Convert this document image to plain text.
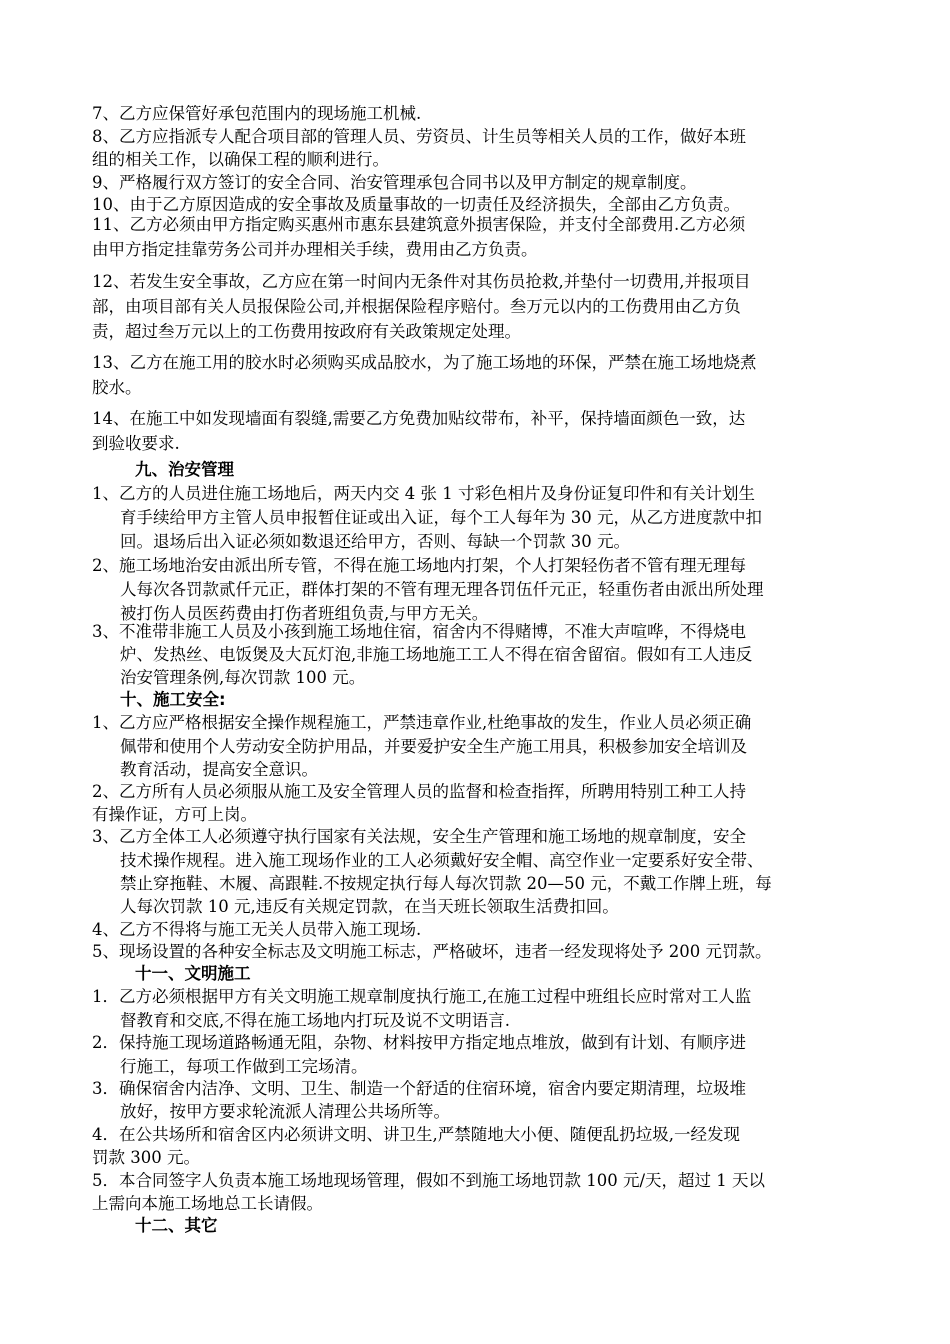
7、乙方应保管好承包范围内的现场施工机械.
8、乙方应指派专人配合项目部的管理人员、劳资员、计生员等相关人员的工作，做好本班
组的相关工作，以确保工程的顺利进行。
9、严格履行双方签订的安全合同、治安管理承包合同书以及甲方制定的规章制度。
10、由于乙方原因造成的安全事故及质量事故的一切责任及经济损失，全部由乙方负责。
11、乙方必须由甲方指定购买惠州市惠东县建筑意外损害保险，并支付全部费用.乙方必须
由甲方指定挂靠劳务公司并办理相关手续，费用由乙方负责。
12、若发生安全事故，乙方应在第一时间内无条件对其伤员抢救,并垫付一切费用,并报项目
部，由项目部有关人员报保险公司,并根据保险程序赔付。叁万元以内的工伤费用由乙方负
责，超过叁万元以上的工伤费用按政府有关政策规定处理。
13、乙方在施工用的胶水时必须购买成品胶水，为了施工场地的环保，严禁在施工场地烧煮
胶水。
14、在施工中如发现墙面有裂缝,需要乙方免费加贴纹带布，补平，保持墙面颜色一致，达
到验收要求.
九、治安管理
1、乙方的人员进住施工场地后，两天内交 4 张 1 寸彩色相片及身份证复印件和有关计划生
育手续给甲方主管人员申报暂住证或出入证，每个工人每年为 30 元，从乙方进度款中扣
回。退场后出入证必须如数退还给甲方，否则、每缺一个罚款 30 元。
2、施工场地治安由派出所专管，不得在施工场地内打架，个人打架轻伤者不管有理无理每
人每次各罚款贰仟元正，群体打架的不管有理无理各罚伍仟元正，轻重伤者由派出所处理
被打伤人员医药费由打伤者班组负责,与甲方无关。
3、不准带非施工人员及小孩到施工场地住宿，宿舍内不得赌博，不准大声喧哗，不得烧电
炉、发热丝、电饭煲及大瓦灯泡,非施工场地施工工人不得在宿舍留宿。假如有工人违反
治安管理条例,每次罚款 100 元。
十、施工安全:
1、乙方应严格根据安全操作规程施工，严禁违章作业,杜绝事故的发生，作业人员必须正确
佩带和使用个人劳动安全防护用品，并要爱护安全生产施工用具，积极参加安全培训及
教育活动，提高安全意识。
2、乙方所有人员必须服从施工及安全管理人员的监督和检查指挥，所聘用特别工种工人持
有操作证，方可上岗。
3、乙方全体工人必须遵守执行国家有关法规，安全生产管理和施工场地的规章制度，安全
技术操作规程。进入施工现场作业的工人必须戴好安全帽、高空作业一定要系好安全带、
禁止穿拖鞋、木履、高跟鞋.不按规定执行每人每次罚款 20—50 元，不戴工作牌上班，每
人每次罚款 10 元,违反有关规定罚款，在当天班长领取生活费扣回。
4、乙方不得将与施工无关人员带入施工现场.
5、现场设置的各种安全标志及文明施工标志，严格破坏，违者一经发现将处予 200 元罚款。
十一、文明施工
1．乙方必须根据甲方有关文明施工规章制度执行施工,在施工过程中班组长应时常对工人监
督教育和交底,不得在施工场地内打玩及说不文明语言.
2．保持施工现场道路畅通无阻，杂物、材料按甲方指定地点堆放，做到有计划、有顺序进
行施工，每项工作做到工完场清。
3．确保宿舍内洁净、文明、卫生、制造一个舒适的住宿环境，宿舍内要定期清理，垃圾堆
放好，按甲方要求轮流派人清理公共场所等。
4．在公共场所和宿舍区内必须讲文明、讲卫生,严禁随地大小便、随便乱扔垃圾,一经发现
罚款 300 元。
5．本合同签字人负责本施工场地现场管理，假如不到施工场地罚款 100 元/天，超过 1 天以
上需向本施工场地总工长请假。
十二、其它
